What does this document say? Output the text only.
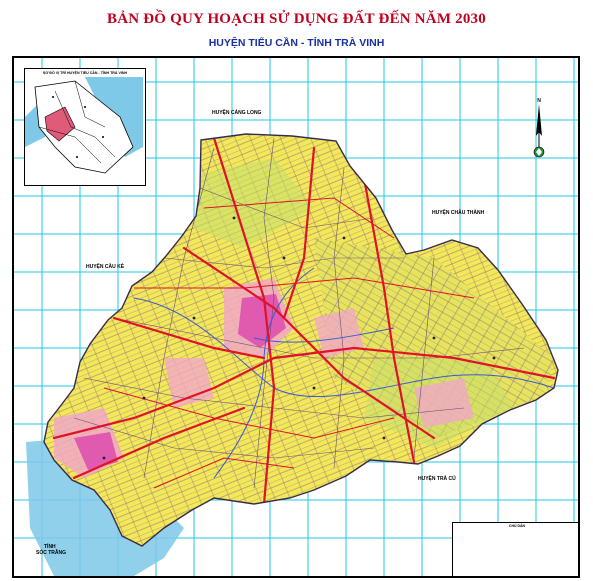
BẢN ĐỒ QUY HOẠCH SỬ DỤNG ĐẤT ĐẾN NĂM 2030
HUYỆN TIỂU CẦN - TỈNH TRÀ VINH
SƠ ĐỒ VỊ TRÍ HUYỆN TIỂU CẦN - TỈNH TRÀ VINH
N
HUYỆN CÀNG LONG
HUYỆN CHÂU THÀNH
HUYỆN CẦU KÈ
HUYỆN TRÀ CÚ
TỈNH
SÓC TRĂNG
CHÚ DẪN
